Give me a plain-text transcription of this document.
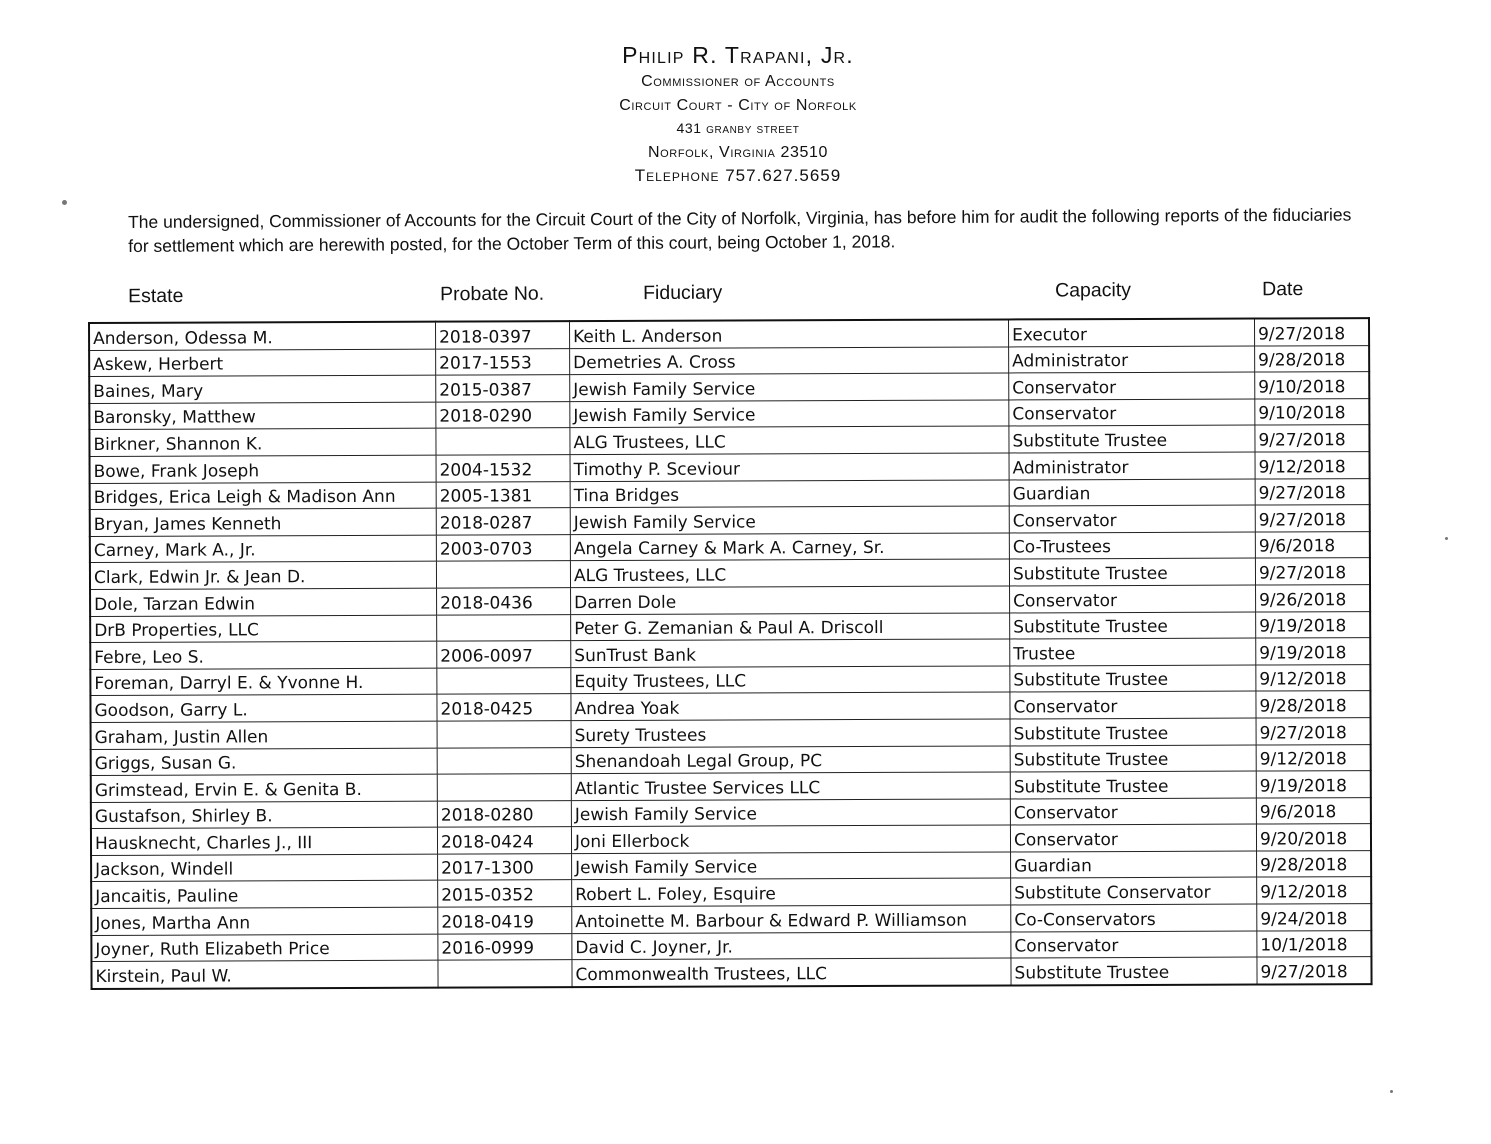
Philip R. Trapani, Jr.
Commissioner of Accounts
Circuit Court - City of Norfolk
431 granby street
Norfolk, Virginia 23510
Telephone 757.627.5659
The undersigned, Commissioner of Accounts for the Circuit Court of the City of Norfolk, Virginia, has before him for audit the following reports of the fiduciaries for settlement which are herewith posted, for the October Term of this court, being October 1, 2018.
Estate	Probate No.	Fiduciary	Capacity	Date
Anderson, Odessa M.	2018-0397	Keith L. Anderson	Executor	9/27/2018
Askew, Herbert	2017-1553	Demetries A. Cross	Administrator	9/28/2018
Baines, Mary	2015-0387	Jewish Family Service	Conservator	9/10/2018
Baronsky, Matthew	2018-0290	Jewish Family Service	Conservator	9/10/2018
Birkner, Shannon K.		ALG Trustees, LLC	Substitute Trustee	9/27/2018
Bowe, Frank Joseph	2004-1532	Timothy P. Sceviour	Administrator	9/12/2018
Bridges, Erica Leigh & Madison Ann	2005-1381	Tina Bridges	Guardian	9/27/2018
Bryan, James Kenneth	2018-0287	Jewish Family Service	Conservator	9/27/2018
Carney, Mark A., Jr.	2003-0703	Angela Carney & Mark A. Carney, Sr.	Co-Trustees	9/6/2018
Clark, Edwin Jr. & Jean D.		ALG Trustees, LLC	Substitute Trustee	9/27/2018
Dole, Tarzan Edwin	2018-0436	Darren Dole	Conservator	9/26/2018
DrB Properties, LLC		Peter G. Zemanian & Paul A. Driscoll	Substitute Trustee	9/19/2018
Febre, Leo S.	2006-0097	SunTrust Bank	Trustee	9/19/2018
Foreman, Darryl E. & Yvonne H.		Equity Trustees, LLC	Substitute Trustee	9/12/2018
Goodson, Garry L.	2018-0425	Andrea Yoak	Conservator	9/28/2018
Graham, Justin Allen		Surety Trustees	Substitute Trustee	9/27/2018
Griggs, Susan G.		Shenandoah Legal Group, PC	Substitute Trustee	9/12/2018
Grimstead, Ervin E. & Genita B.		Atlantic Trustee Services LLC	Substitute Trustee	9/19/2018
Gustafson, Shirley B.	2018-0280	Jewish Family Service	Conservator	9/6/2018
Hausknecht, Charles J., III	2018-0424	Joni Ellerbock	Conservator	9/20/2018
Jackson, Windell	2017-1300	Jewish Family Service	Guardian	9/28/2018
Jancaitis, Pauline	2015-0352	Robert L. Foley, Esquire	Substitute Conservator	9/12/2018
Jones, Martha Ann	2018-0419	Antoinette M. Barbour & Edward P. Williamson	Co-Conservators	9/24/2018
Joyner, Ruth Elizabeth Price	2016-0999	David C. Joyner, Jr.	Conservator	10/1/2018
Kirstein, Paul W.		Commonwealth Trustees, LLC	Substitute Trustee	9/27/2018
